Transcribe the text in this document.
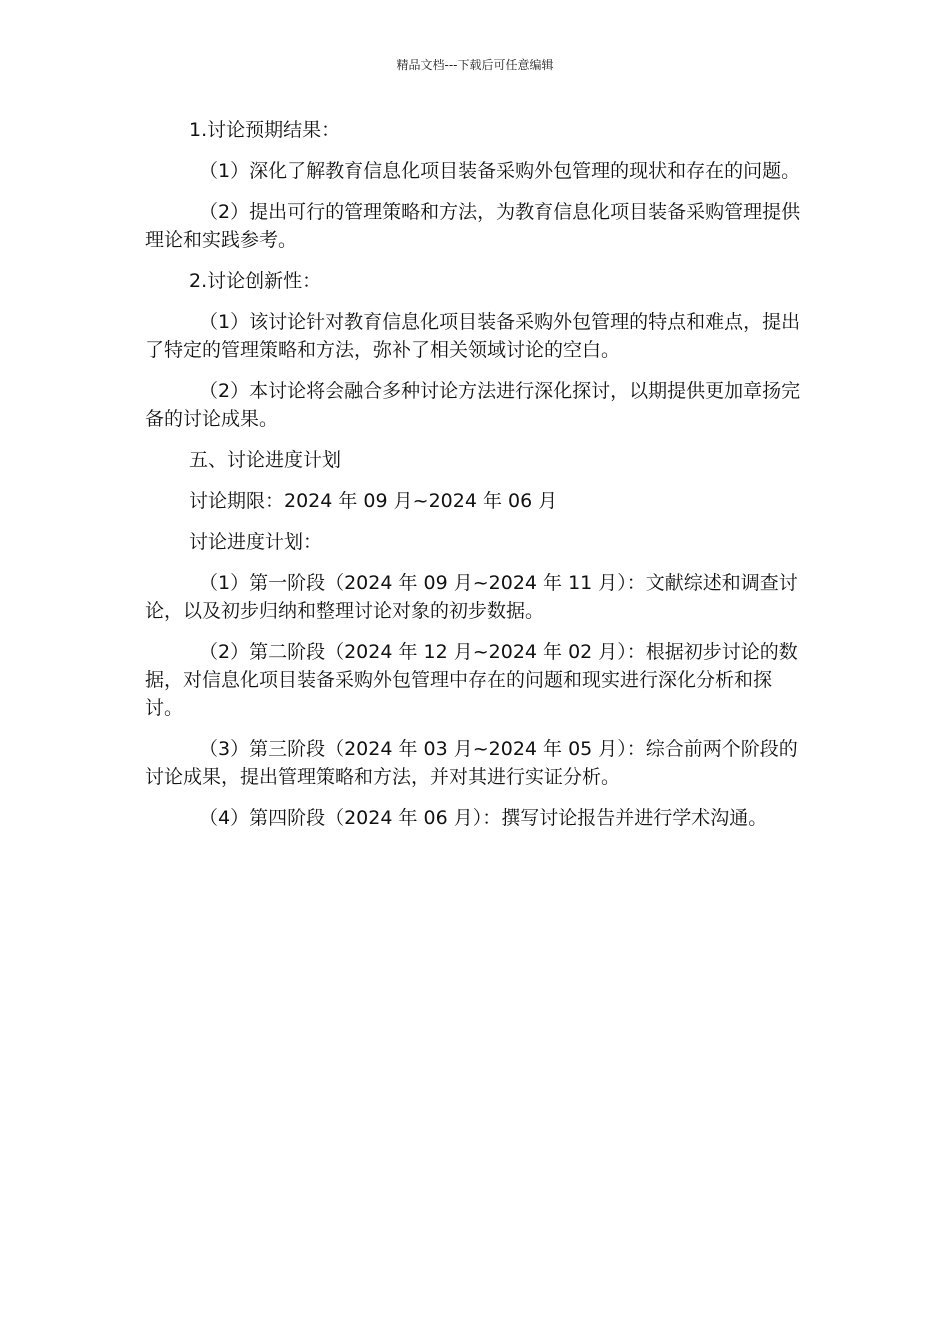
精品文档---下载后可任意编辑

1.讨论预期结果：

（1）深化了解教育信息化项目装备采购外包管理的现状和存在的问题。

（2）提出可行的管理策略和方法，为教育信息化项目装备采购管理提供理论和实践参考。

2.讨论创新性：

（1）该讨论针对教育信息化项目装备采购外包管理的特点和难点，提出了特定的管理策略和方法，弥补了相关领域讨论的空白。

（2）本讨论将会融合多种讨论方法进行深化探讨，以期提供更加章扬完备的讨论成果。

五、讨论进度计划

讨论期限：2024 年 09 月~2024 年 06 月

讨论进度计划：

（1）第一阶段（2024 年 09 月~2024 年 11 月）：文献综述和调查讨论，以及初步归纳和整理讨论对象的初步数据。

（2）第二阶段（2024 年 12 月~2024 年 02 月）：根据初步讨论的数据，对信息化项目装备采购外包管理中存在的问题和现实进行深化分析和探讨。

（3）第三阶段（2024 年 03 月~2024 年 05 月）：综合前两个阶段的讨论成果，提出管理策略和方法，并对其进行实证分析。

（4）第四阶段（2024 年 06 月）：撰写讨论报告并进行学术沟通。
